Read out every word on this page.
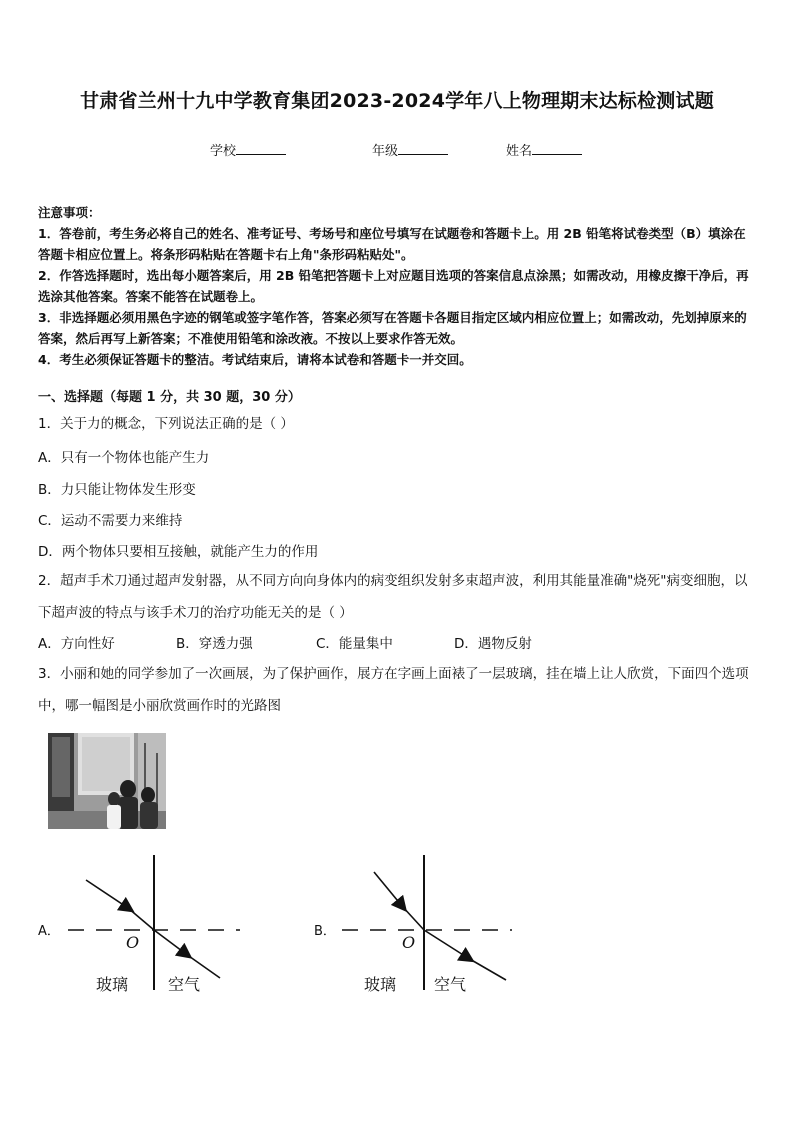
甘肃省兰州十九中学教育集团2023-2024学年八上物理期末达标检测试题
学校	年级	姓名

注意事项：

1．答卷前，考生务必将自己的姓名、准考证号、考场号和座位号填写在试题卷和答题卡上。用 2B 铅笔将试卷类型（B）填涂在答题卡相应位置上。将条形码粘贴在答题卡右上角"条形码粘贴处"。

2．作答选择题时，选出每小题答案后，用 2B 铅笔把答题卡上对应题目选项的答案信息点涂黑；如需改动，用橡皮擦干净后，再选涂其他答案。答案不能答在试题卷上。

3．非选择题必须用黑色字迹的钢笔或签字笔作答，答案必须写在答题卡各题目指定区域内相应位置上；如需改动，先划掉原来的答案，然后再写上新答案；不准使用铅笔和涂改液。不按以上要求作答无效。

4．考生必须保证答题卡的整洁。考试结束后，请将本试卷和答题卡一并交回。

一、选择题（每题 1 分，共 30 题，30 分）
1．关于力的概念，下列说法正确的是（ ）
A．只有一个物体也能产生力
B．力只能让物体发生形变
C．运动不需要力来维持
D．两个物体只要相互接触，就能产生力的作用
2．超声手术刀通过超声发射器，从不同方向向身体内的病变组织发射多束超声波，利用其能量准确"烧死"病变细胞，以下超声波的特点与该手术刀的治疗功能无关的是（ ）
A．方向性好	B．穿透力强	C．能量集中	D．遇物反射
3．小丽和她的同学参加了一次画展，为了保护画作，展方在字画上面裱了一层玻璃，挂在墙上让人欣赏，下面四个选项中，哪一幅图是小丽欣赏画作时的光路图
A．
O
玻璃 空气
B．
O
玻璃 空气
